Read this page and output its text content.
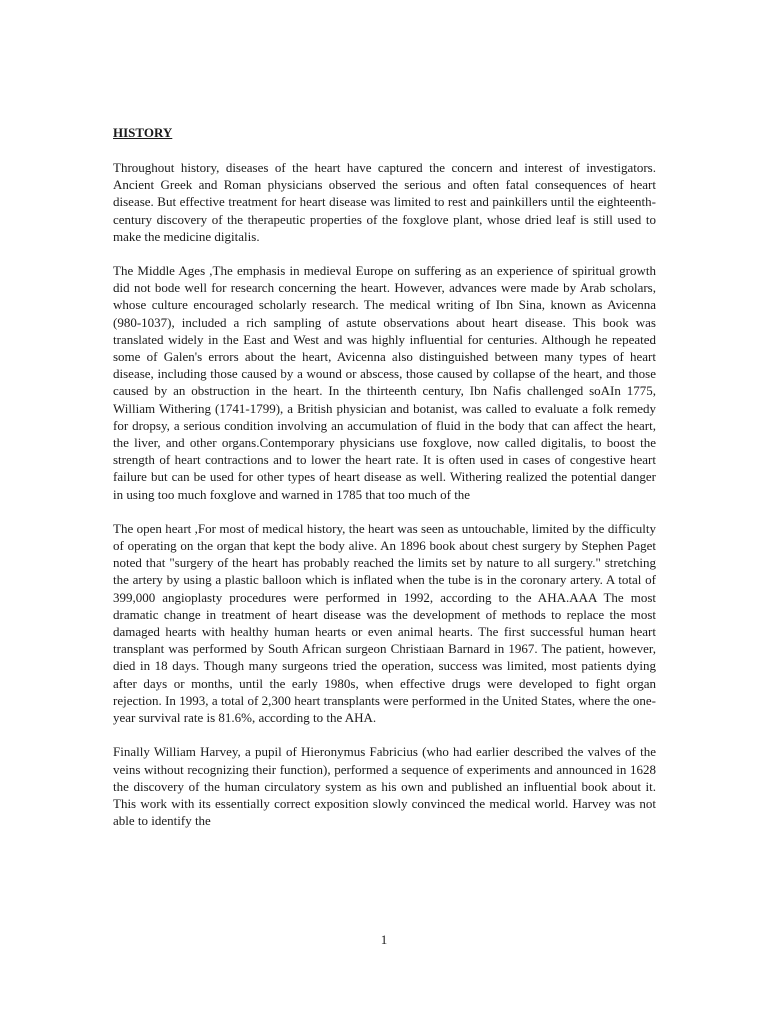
HISTORY

Throughout history, diseases of the heart have captured the concern and interest of investigators. Ancient Greek and Roman physicians observed the serious and often fatal consequences of heart disease. But effective treatment for heart disease was limited to rest and painkillers until the eighteenth-century discovery of the therapeutic properties of the foxglove plant, whose dried leaf is still used to make the medicine digitalis.

The Middle Ages ,The emphasis in medieval Europe on suffering as an experience of spiritual growth did not bode well for research concerning the heart. However, advances were made by Arab scholars, whose culture encouraged scholarly research. The medical writing of Ibn Sina, known as Avicenna (980-1037), included a rich sampling of astute observations about heart disease. This book was translated widely in the East and West and was highly influential for centuries. Although he repeated some of Galen's errors about the heart, Avicenna also distinguished between many types of heart disease, including those caused by a wound or abscess, those caused by collapse of the heart, and those caused by an obstruction in the heart. In the thirteenth century, Ibn Nafis challenged soAIn 1775, William Withering (1741-1799), a British physician and botanist, was called to evaluate a folk remedy for dropsy, a serious condition involving an accumulation of fluid in the body that can affect the heart, the liver, and other organs.Contemporary physicians use foxglove, now called digitalis, to boost the strength of heart contractions and to lower the heart rate. It is often used in cases of congestive heart failure but can be used for other types of heart disease as well. Withering realized the potential danger in using too much foxglove and warned in 1785 that too much of the

The open heart ,For most of medical history, the heart was seen as untouchable, limited by the difficulty of operating on the organ that kept the body alive. An 1896 book about chest surgery by Stephen Paget noted that "surgery of the heart has probably reached the limits set by nature to all surgery." stretching the artery by using a plastic balloon which is inflated when the tube is in the coronary artery. A total of 399,000 angioplasty procedures were performed in 1992, according to the AHA.AAA The most dramatic change in treatment of heart disease was the development of methods to replace the most damaged hearts with healthy human hearts or even animal hearts. The first successful human heart transplant was performed by South African surgeon Christiaan Barnard in 1967. The patient, however, died in 18 days. Though many surgeons tried the operation, success was limited, most patients dying after days or months, until the early 1980s, when effective drugs were developed to fight organ rejection. In 1993, a total of 2,300 heart transplants were performed in the United States, where the one-year survival rate is 81.6%, according to the AHA.

Finally William Harvey, a pupil of Hieronymus Fabricius (who had earlier described the valves of the veins without recognizing their function), performed a sequence of experiments and announced in 1628 the discovery of the human circulatory system as his own and published an influential book about it. This work with its essentially correct exposition slowly convinced the medical world. Harvey was not able to identify the

1
